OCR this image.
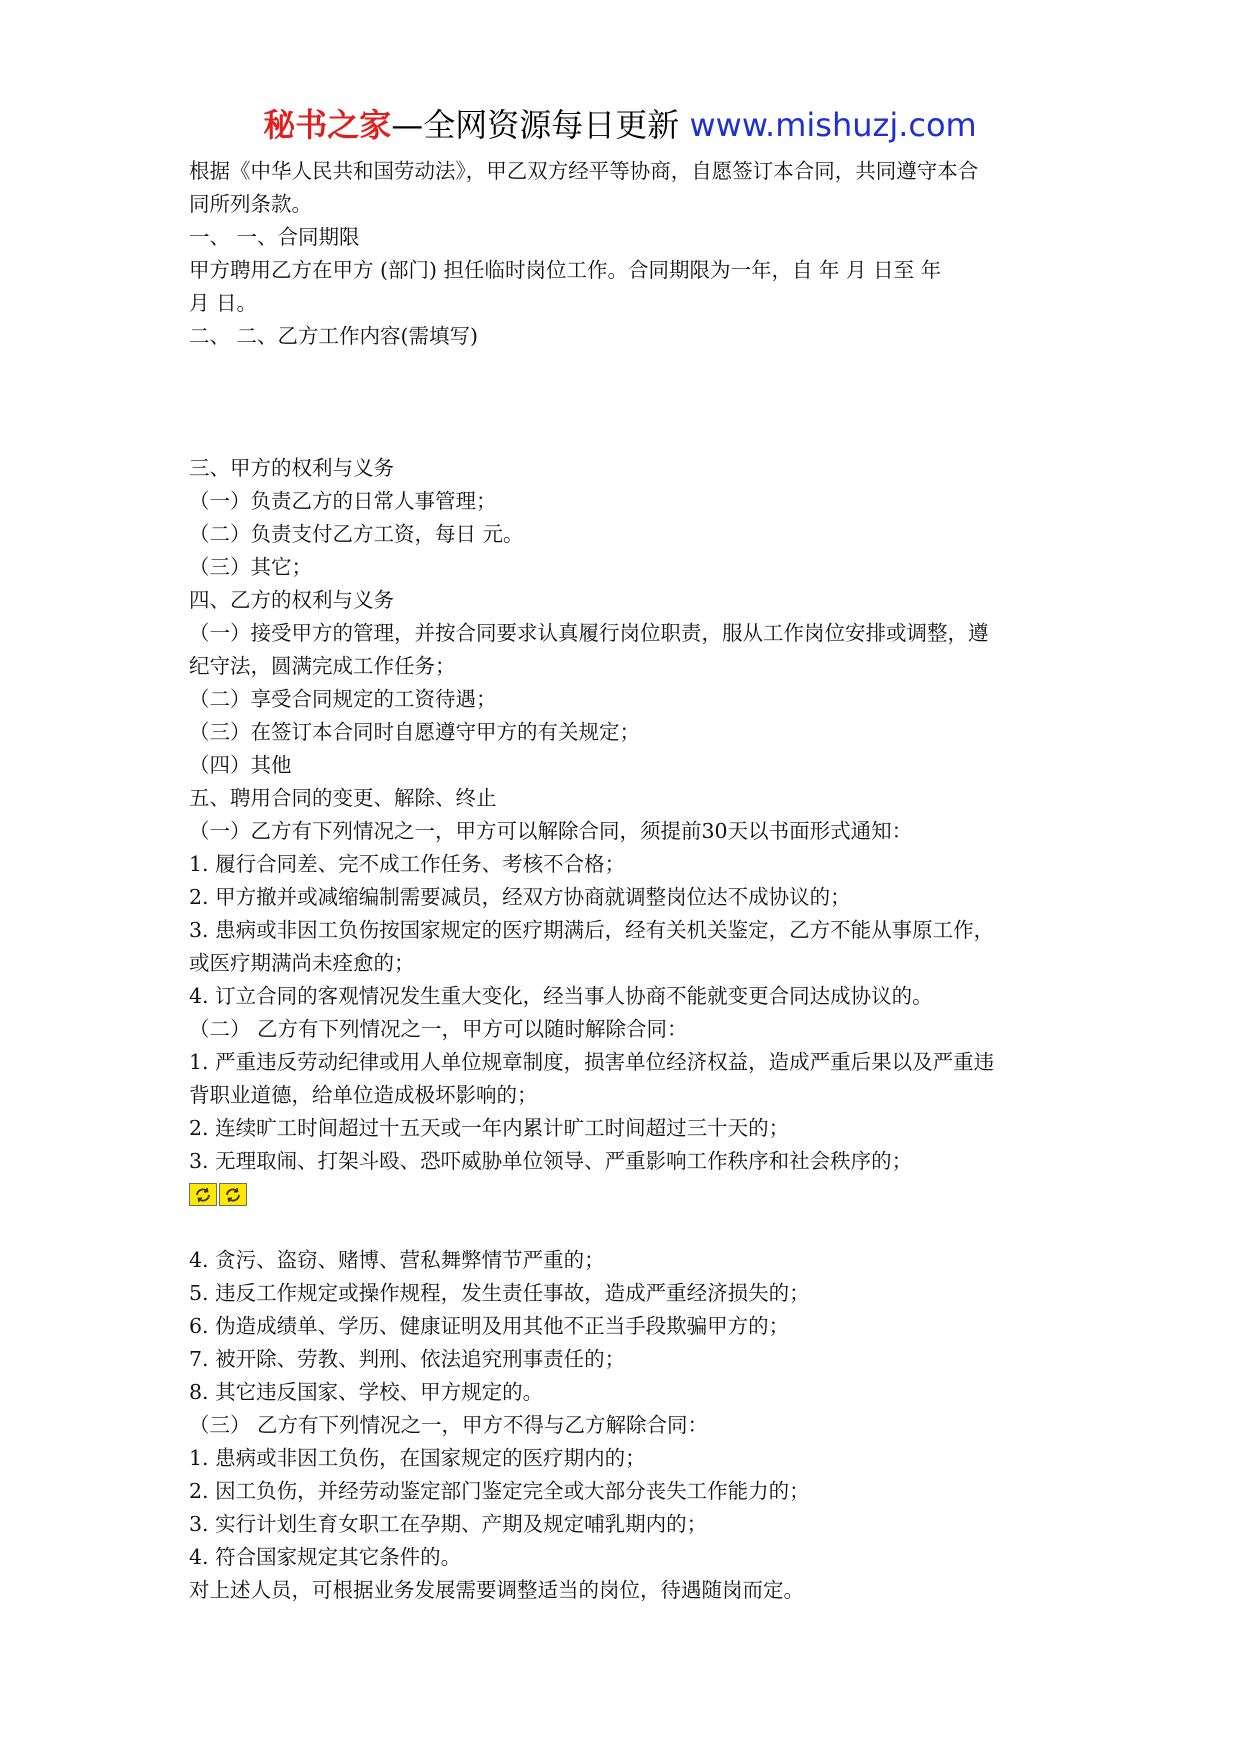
秘书之家—全网资源每日更新 www.mishuzj.com
根据《中华人民共和国劳动法》，甲乙双方经平等协商，自愿签订本合同，共同遵守本合
同所列条款。
一、 一、合同期限
甲方聘用乙方在甲方 (部门) 担任临时岗位工作。合同期限为一年，自 年 月 日至 年
月 日。
二、 二、乙方工作内容(需填写)
三、甲方的权利与义务
（一）负责乙方的日常人事管理；
（二）负责支付乙方工资，每日 元。
（三）其它；
四、乙方的权利与义务
（一）接受甲方的管理，并按合同要求认真履行岗位职责，服从工作岗位安排或调整，遵
纪守法，圆满完成工作任务；
（二）享受合同规定的工资待遇；
（三）在签订本合同时自愿遵守甲方的有关规定；
（四）其他
五、聘用合同的变更、解除、终止
（一）乙方有下列情况之一，甲方可以解除合同，须提前30天以书面形式通知：
1. 履行合同差、完不成工作任务、考核不合格；
2. 甲方撤并或减缩编制需要减员，经双方协商就调整岗位达不成协议的；
3. 患病或非因工负伤按国家规定的医疗期满后，经有关机关鉴定，乙方不能从事原工作，
或医疗期满尚未痊愈的；
4. 订立合同的客观情况发生重大变化，经当事人协商不能就变更合同达成协议的。
（二） 乙方有下列情况之一，甲方可以随时解除合同：
1. 严重违反劳动纪律或用人单位规章制度，损害单位经济权益，造成严重后果以及严重违
背职业道德，给单位造成极坏影响的；
2. 连续旷工时间超过十五天或一年内累计旷工时间超过三十天的；
3. 无理取闹、打架斗殴、恐吓威胁单位领导、严重影响工作秩序和社会秩序的；
4. 贪污、盗窃、赌博、营私舞弊情节严重的；
5. 违反工作规定或操作规程，发生责任事故，造成严重经济损失的；
6. 伪造成绩单、学历、健康证明及用其他不正当手段欺骗甲方的；
7. 被开除、劳教、判刑、依法追究刑事责任的；
8. 其它违反国家、学校、甲方规定的。
（三） 乙方有下列情况之一，甲方不得与乙方解除合同：
1. 患病或非因工负伤，在国家规定的医疗期内的；
2. 因工负伤，并经劳动鉴定部门鉴定完全或大部分丧失工作能力的；
3. 实行计划生育女职工在孕期、产期及规定哺乳期内的；
4. 符合国家规定其它条件的。
对上述人员，可根据业务发展需要调整适当的岗位，待遇随岗而定。
